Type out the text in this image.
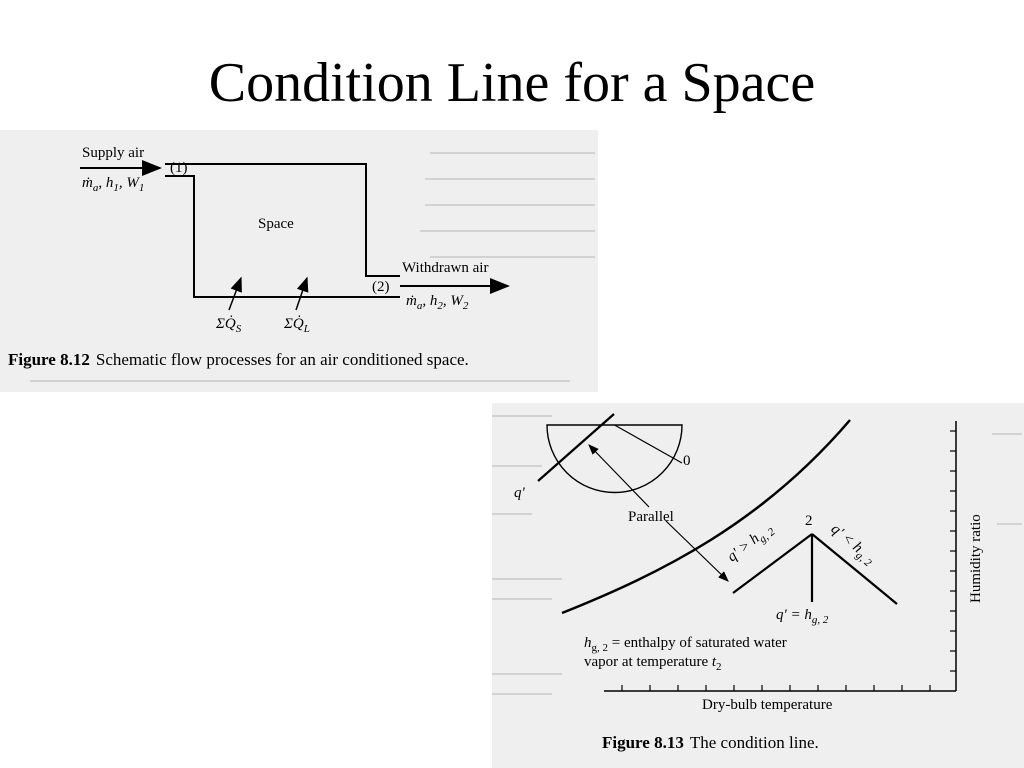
Condition Line for a Space
Supply air
ṁ$_a$, $h_1$, $W_1$
(1)
Space
Withdrawn air
(2)
ṁ$_a$, $h_2$, $W_2$
$\Sigma Q̇_S$	$\Sigma Q̇_L$
Figure 8.12 Schematic flow processes for an air conditioned space.
0
q'
Parallel	2
$q' > h_{g, 2}$	$q' < h_{g, 2}$
$q' = h_{g, 2}$
$h_{g, 2}$ = enthalpy of saturated water
vapor at temperature $t_2$
Dry-bulb temperature
Humidity ratio
Figure 8.13 The condition line.
